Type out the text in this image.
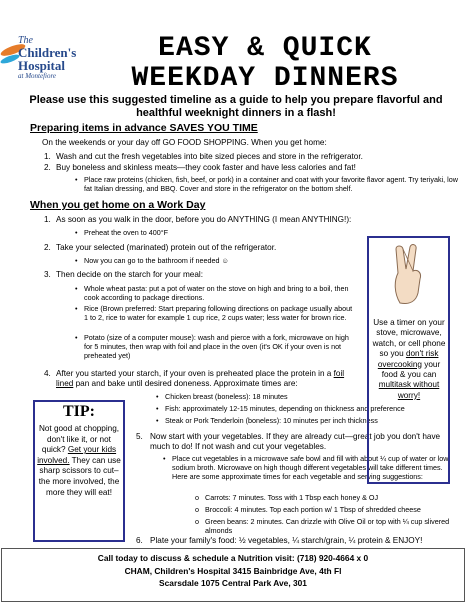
The
Children's
Hospital
at Montefiore
EASY & QUICK
WEEKDAY DINNERS
Please use this suggested timeline as a guide to help you prepare flavorful and healthful weeknight dinners in a flash!
Preparing items in advance SAVES YOU TIME
On the weekends or your day off GO FOOD SHOPPING. When you get home:
1. Wash and cut the fresh vegetables into bite sized pieces and store in the refrigerator.
2. Buy boneless and skinless meats—they cook faster and have less calories and fat!
• Place raw proteins (chicken, fish, beef, or pork) in a container and coat with your favorite flavor agent. Try teriyaki, low fat Italian dressing, and BBQ. Cover and store in the refrigerator on the bottom shelf.
When you get home on a Work Day
1. As soon as you walk in the door, before you do ANYTHING (I mean ANYTHING!):
• Preheat the oven to 400°F
2. Take your selected (marinated) protein out of the refrigerator.
• Now you can go to the bathroom if needed ☺
3. Then decide on the starch for your meal:
• Whole wheat pasta: put a pot of water on the stove on high and bring to a boil, then cook according to package directions.
• Rice (Brown preferred: Start preparing following directions on package usually about 1 to 2, rice to water for example 1 cup rice, 2 cups water; less water for brown rice.
• Potato (size of a computer mouse): wash and pierce with a fork, microwave on high for 5 minutes, then wrap with foil and place in the oven (it's OK if your oven is not preheated yet)
4. After you started your starch, if your oven is preheated place the protein in a foil lined pan and bake until desired doneness. Approximate times are:
• Chicken breast (boneless): 18 minutes
• Fish: approximately 12-15 minutes, depending on thickness and preference
• Steak or Pork Tenderloin (boneless): 10 minutes per inch thickness
5. Now start with your vegetables. If they are already cut—great job you don't have much to do! If not wash and cut your vegetables.
• Place cut vegetables in a microwave safe bowl and fill with about ¼ cup of water or low sodium broth. Microwave on high though different vegetables will take different times. Here are some approximate times for each vegetable and serving suggestions:
o Carrots: 7 minutes. Toss with 1 Tbsp each honey & OJ
o Broccoli: 4 minutes. Top each portion w/ 1 Tbsp of shredded cheese
o Green beans: 2 minutes. Can drizzle with Olive Oil or top with ¼ cup slivered almonds
6. Plate your family's food: ½ vegetables, ¼ starch/grain, ¼ protein & ENJOY!
Use a timer on your stove, microwave, watch, or cell phone so you don't risk overcooking your food & you can multitask without worry!
TIP:
Not good at chopping, don't like it, or not quick? Get your kids involved. They can use sharp scissors to cut– the more involved, the more they will eat!
Call today to discuss & schedule a Nutrition visit: (718) 920-4664 x 0
CHAM, Children's Hospital 3415 Bainbridge Ave, 4th Fl
Scarsdale 1075 Central Park Ave, 301
